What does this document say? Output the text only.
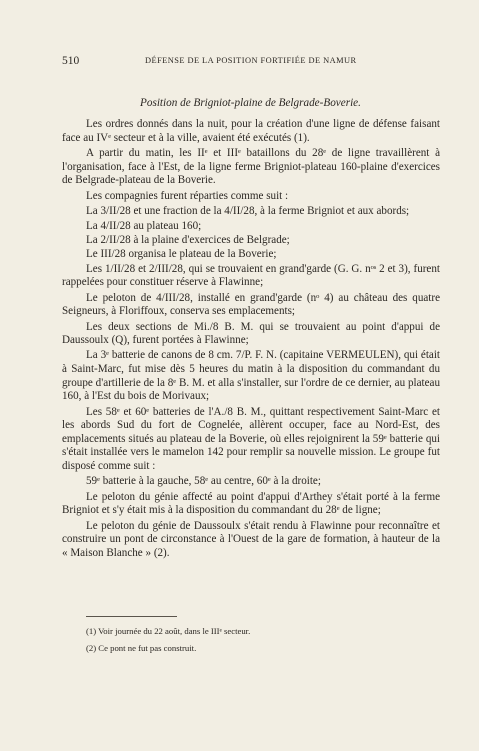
510	DÉFENSE DE LA POSITION FORTIFIÉE DE NAMUR
Position de Brigniot-plaine de Belgrade-Boverie.

Les ordres donnés dans la nuit, pour la création d'une ligne de défense faisant face au IVᵉ secteur et à la ville, avaient été exécutés (1).

A partir du matin, les IIᵉ et IIIᵉ bataillons du 28ᵉ de ligne travaillèrent à l'organisation, face à l'Est, de la ligne ferme Brigniot-plateau 160-plaine d'exercices de Belgrade-plateau de la Boverie.

Les compagnies furent réparties comme suit :

La 3/II/28 et une fraction de la 4/II/28, à la ferme Brigniot et aux abords;

La 4/II/28 au plateau 160;

La 2/II/28 à la plaine d'exercices de Belgrade;

Le III/28 organisa le plateau de la Boverie;

Les 1/II/28 et 2/III/28, qui se trouvaient en grand'garde (G. G. nᵒˢ 2 et 3), furent rappelées pour constituer réserve à Flawinne;

Le peloton de 4/III/28, installé en grand'garde (nᵒ 4) au château des quatre Seigneurs, à Floriffoux, conserva ses emplacements;

Les deux sections de Mi./8 B. M. qui se trouvaient au point d'appui de Daussoulx (Q), furent portées à Flawinne;

La 3ᵉ batterie de canons de 8 cm. 7/P. F. N. (capitaine VERMEULEN), qui était à Saint-Marc, fut mise dès 5 heures du matin à la disposition du commandant du groupe d'artillerie de la 8ᵉ B. M. et alla s'installer, sur l'ordre de ce dernier, au plateau 160, à l'Est du bois de Morivaux;

Les 58ᵉ et 60ᵉ batteries de l'A./8 B. M., quittant respectivement Saint-Marc et les abords Sud du fort de Cognelée, allèrent occuper, face au Nord-Est, des emplacements situés au plateau de la Boverie, où elles rejoignirent la 59ᵉ batterie qui s'était installée vers le mamelon 142 pour remplir sa nouvelle mission. Le groupe fut disposé comme suit :

59ᵉ batterie à la gauche, 58ᵉ au centre, 60ᵉ à la droite;

Le peloton du génie affecté au point d'appui d'Arthey s'était porté à la ferme Brigniot et s'y était mis à la disposition du commandant du 28ᵉ de ligne;

Le peloton du génie de Daussoulx s'était rendu à Flawinne pour reconnaître et construire un pont de circonstance à l'Ouest de la gare de formation, à hauteur de la « Maison Blanche » (2).

(1) Voir journée du 22 août, dans le IIIᵉ secteur.

(2) Ce pont ne fut pas construit.
